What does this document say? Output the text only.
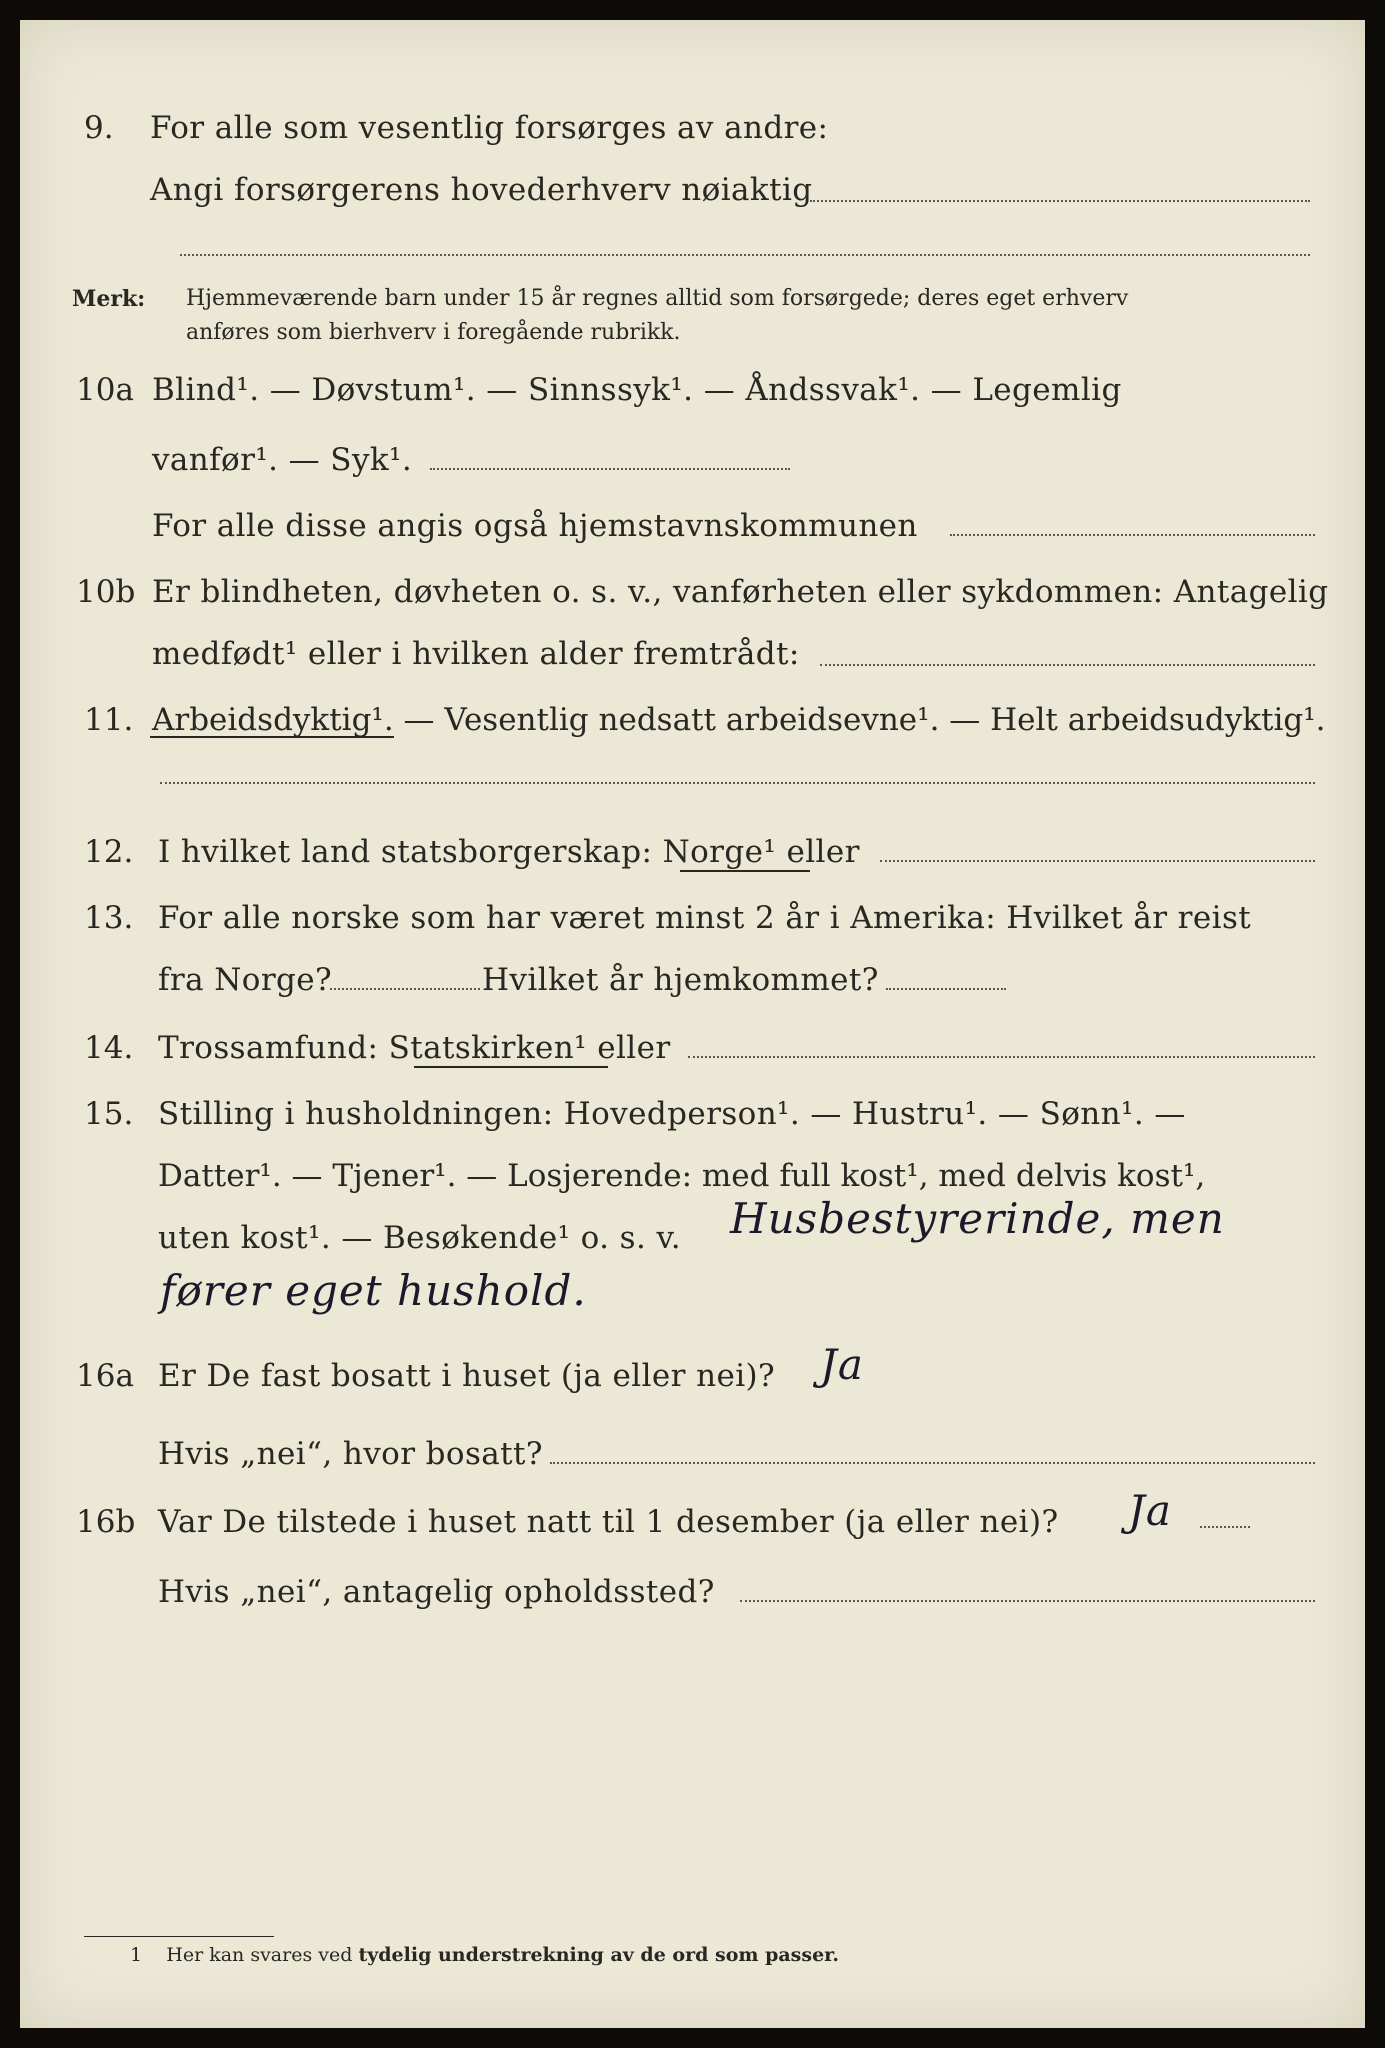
9. For alle som vesentlig forsørges av andre:
Angi forsørgerens hovederhverv nøiaktig
Merk: Hjemmeværende barn under 15 år regnes alltid som forsørgede; deres eget erhverv
anføres som bierhverv i foregående rubrikk.
10a Blind¹. — Døvstum¹. — Sinnssyk¹. — Åndssvak¹. — Legemlig
vanfør¹. — Syk¹.
For alle disse angis også hjemstavnskommunen
10b Er blindheten, døvheten o. s. v., vanførheten eller sykdommen: Antagelig
medfødt¹ eller i hvilken alder fremtrådt:
11. Arbeidsdyktig¹. — Vesentlig nedsatt arbeidsevne¹. — Helt arbeidsudyktig¹.
12. I hvilket land statsborgerskap: Norge¹ eller
13. For alle norske som har været minst 2 år i Amerika: Hvilket år reist
fra Norge?	Hvilket år hjemkommet?
14. Trossamfund: Statskirken¹ eller
15. Stilling i husholdningen: Hovedperson¹. — Hustru¹. — Sønn¹. —
Datter¹. — Tjener¹. — Losjerende: med full kost¹, med delvis kost¹,
uten kost¹. — Besøkende¹ o. s. v. Husbestyrerinde, men
fører eget hushold.
16a Er De fast bosatt i huset (ja eller nei)? Ja
Hvis „nei“, hvor bosatt?
16b Var De tilstede i huset natt til 1 desember (ja eller nei)? Ja
Hvis „nei“, antagelig opholdssted?
1 Her kan svares ved tydelig understrekning av de ord som passer.
